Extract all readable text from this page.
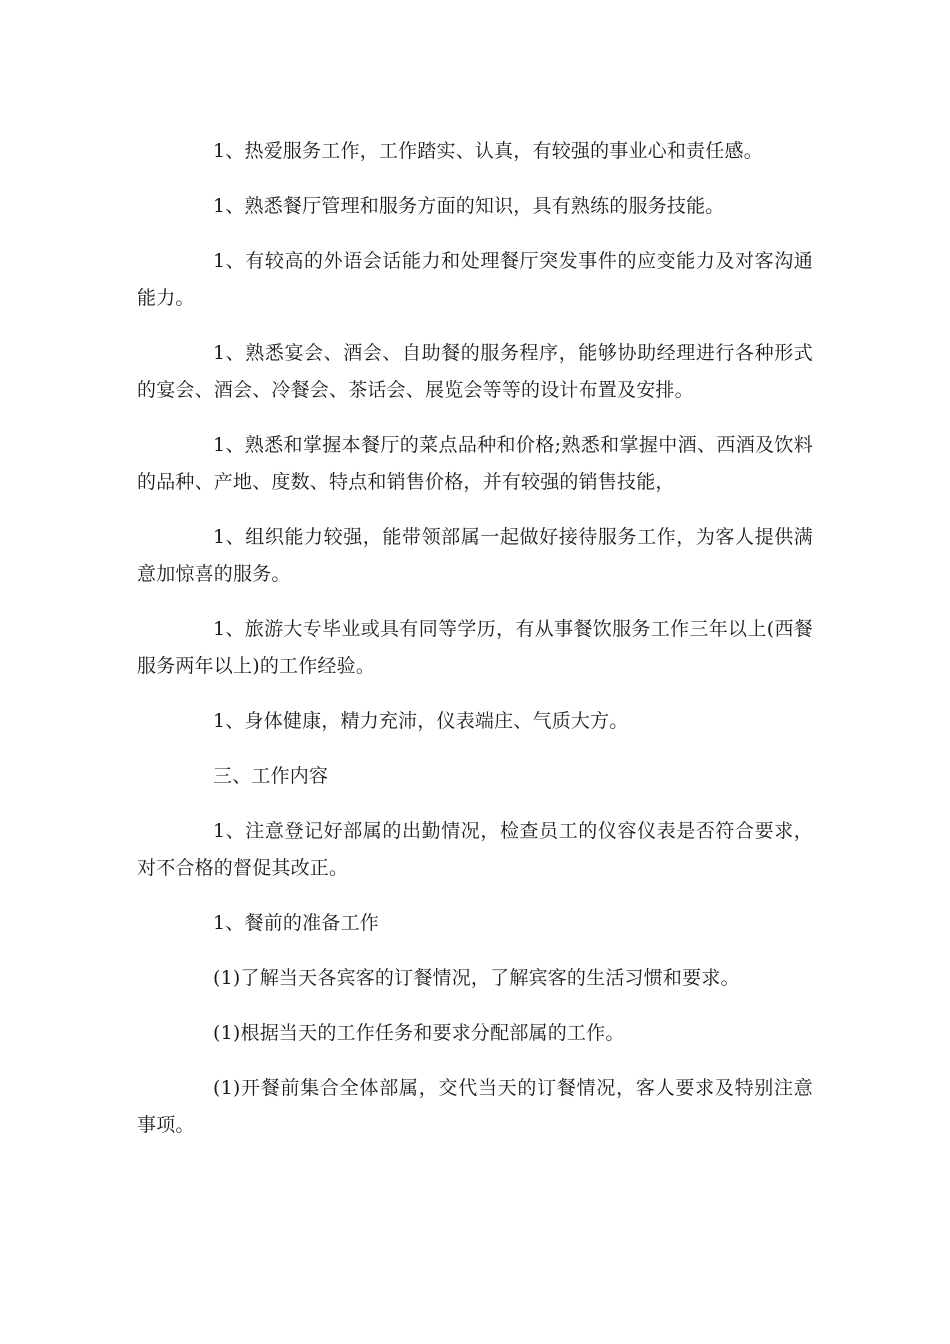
1、热爱服务工作，工作踏实、认真，有较强的事业心和责任感。

1、熟悉餐厅管理和服务方面的知识，具有熟练的服务技能。

1、有较高的外语会话能力和处理餐厅突发事件的应变能力及对客沟通能力。

1、熟悉宴会、酒会、自助餐的服务程序，能够协助经理进行各种形式的宴会、酒会、冷餐会、茶话会、展览会等等的设计布置及安排。

1、熟悉和掌握本餐厅的菜点品种和价格;熟悉和掌握中酒、西酒及饮料的品种、产地、度数、特点和销售价格，并有较强的销售技能，

1、组织能力较强，能带领部属一起做好接待服务工作，为客人提供满意加惊喜的服务。

1、旅游大专毕业或具有同等学历，有从事餐饮服务工作三年以上(西餐服务两年以上)的工作经验。

1、身体健康，精力充沛，仪表端庄、气质大方。

三、工作内容

1、注意登记好部属的出勤情况，检查员工的仪容仪表是否符合要求，对不合格的督促其改正。

1、餐前的准备工作

(1)了解当天各宾客的订餐情况，了解宾客的生活习惯和要求。

(1)根据当天的工作任务和要求分配部属的工作。

(1)开餐前集合全体部属，交代当天的订餐情况，客人要求及特别注意事项。
